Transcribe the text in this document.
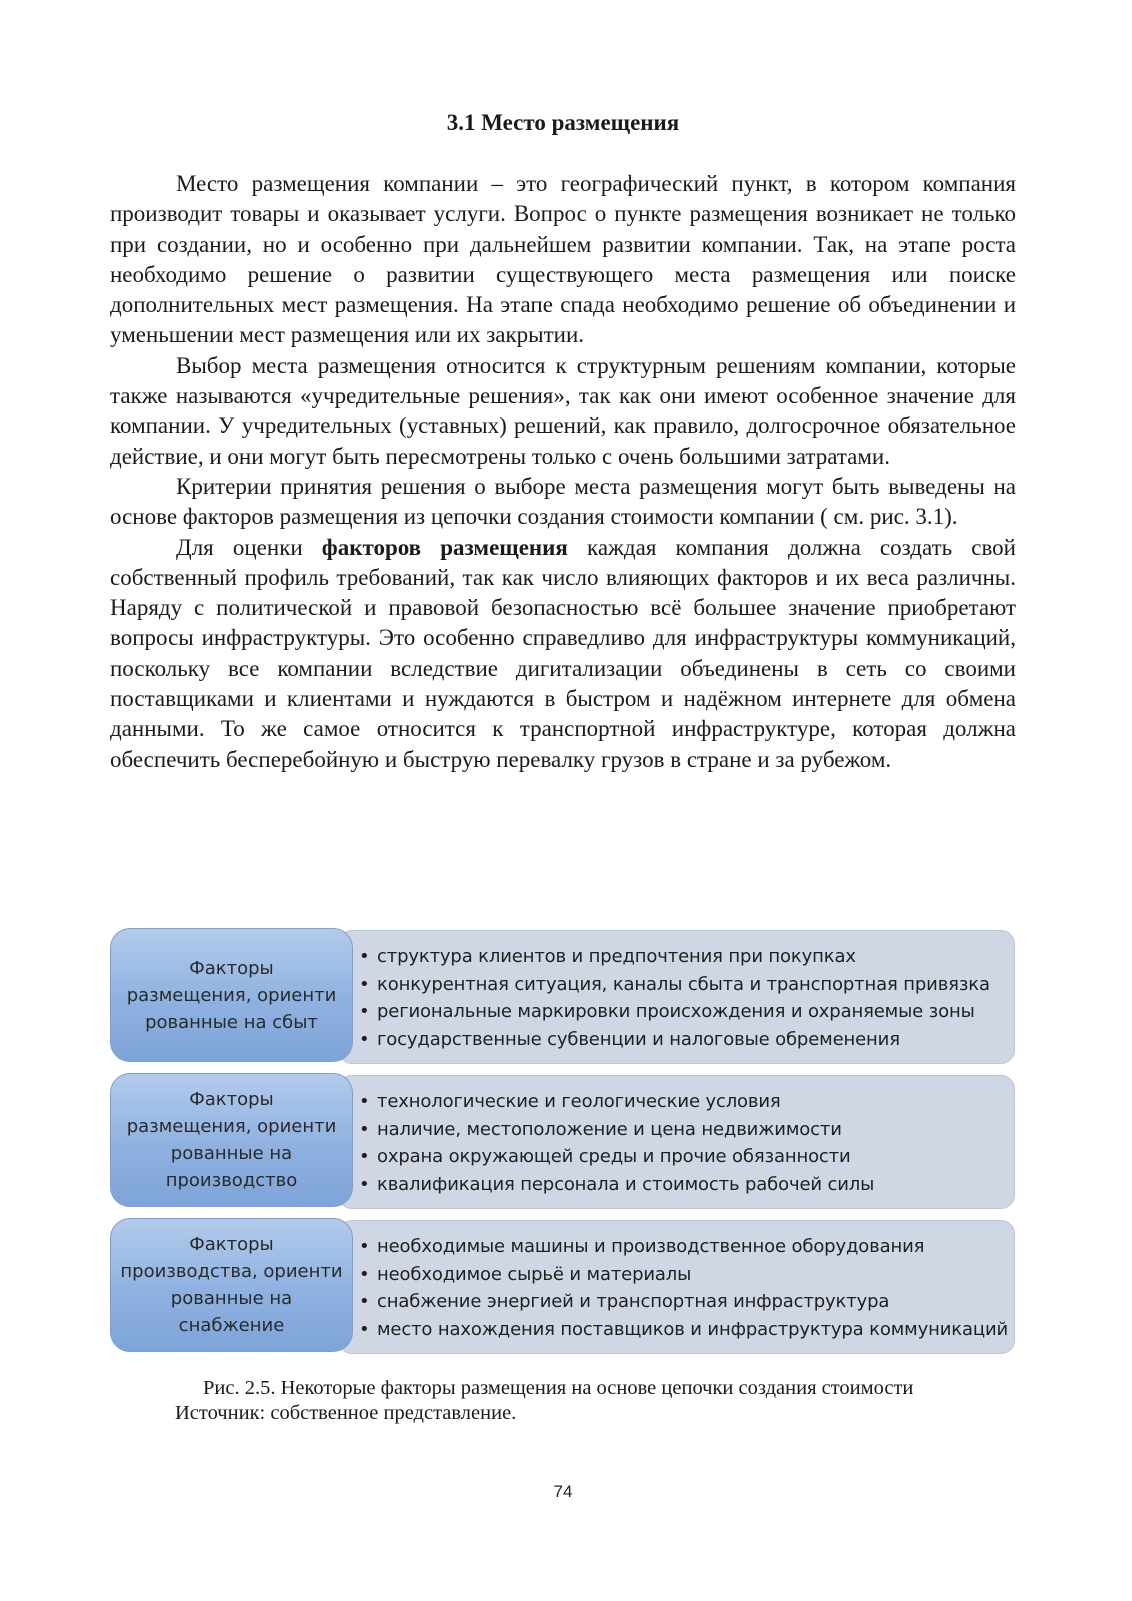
3.1 Место размещения

Место размещения компании – это географический пункт, в котором компания производит товары и оказывает услуги. Вопрос о пункте размещения возникает не только при создании, но и особенно при дальнейшем развитии компании. Так, на этапе роста необходимо решение о развитии существующего места размещения или поиске дополнительных мест размещения. На этапе спада необходимо решение об объединении и уменьшении мест размещения или их закрытии.

Выбор места размещения относится к структурным решениям компании, которые также называются «учредительные решения», так как они имеют особенное значение для компании. У учредительных (уставных) решений, как правило, долгосрочное обязательное действие, и они могут быть пересмотрены только с очень большими затратами.

Критерии принятия решения о выборе места размещения могут быть выведены на основе факторов размещения из цепочки создания стоимости компании ( см. рис. 3.1).

Для оценки факторов размещения каждая компания должна создать свой собственный профиль требований, так как число влияющих факторов и их веса различны. Наряду с политической и правовой безопасностью всё большее значение приобретают вопросы инфраструктуры. Это особенно справедливо для инфраструктуры коммуникаций, поскольку все компании вследствие дигитализации объединены в сеть со своими поставщиками и клиентами и нуждаются в быстром и надёжном интернете для обмена данными. То же самое относится к транспортной инфраструктуре, которая должна обеспечить бесперебойную и быструю перевалку грузов в стране и за рубежом.

• структура клиентов и предпочтения при покупках
• конкурентная ситуация, каналы сбыта и транспортная привязка
• региональные маркировки происхождения и охраняемые зоны
• государственные субвенции и налоговые обременения
Факторы
размещения, ориенти
рованные на сбыт
• технологические и геологические условия
• наличие, местоположение и цена недвижимости
• охрана окружающей среды и прочие обязанности
• квалификация персонала и стоимость рабочей силы
Факторы
размещения, ориенти
рованные на
производство
• необходимые машины и производственное оборудования
• необходимое сырьё и материалы
• снабжение энергией и транспортная инфраструктура
• место нахождения поставщиков и инфраструктура коммуникаций
Факторы
производства, ориенти
рованные на
снабжение
Рис. 2.5. Некоторые факторы размещения на основе цепочки создания стоимости
Источник: собственное представление.
74
